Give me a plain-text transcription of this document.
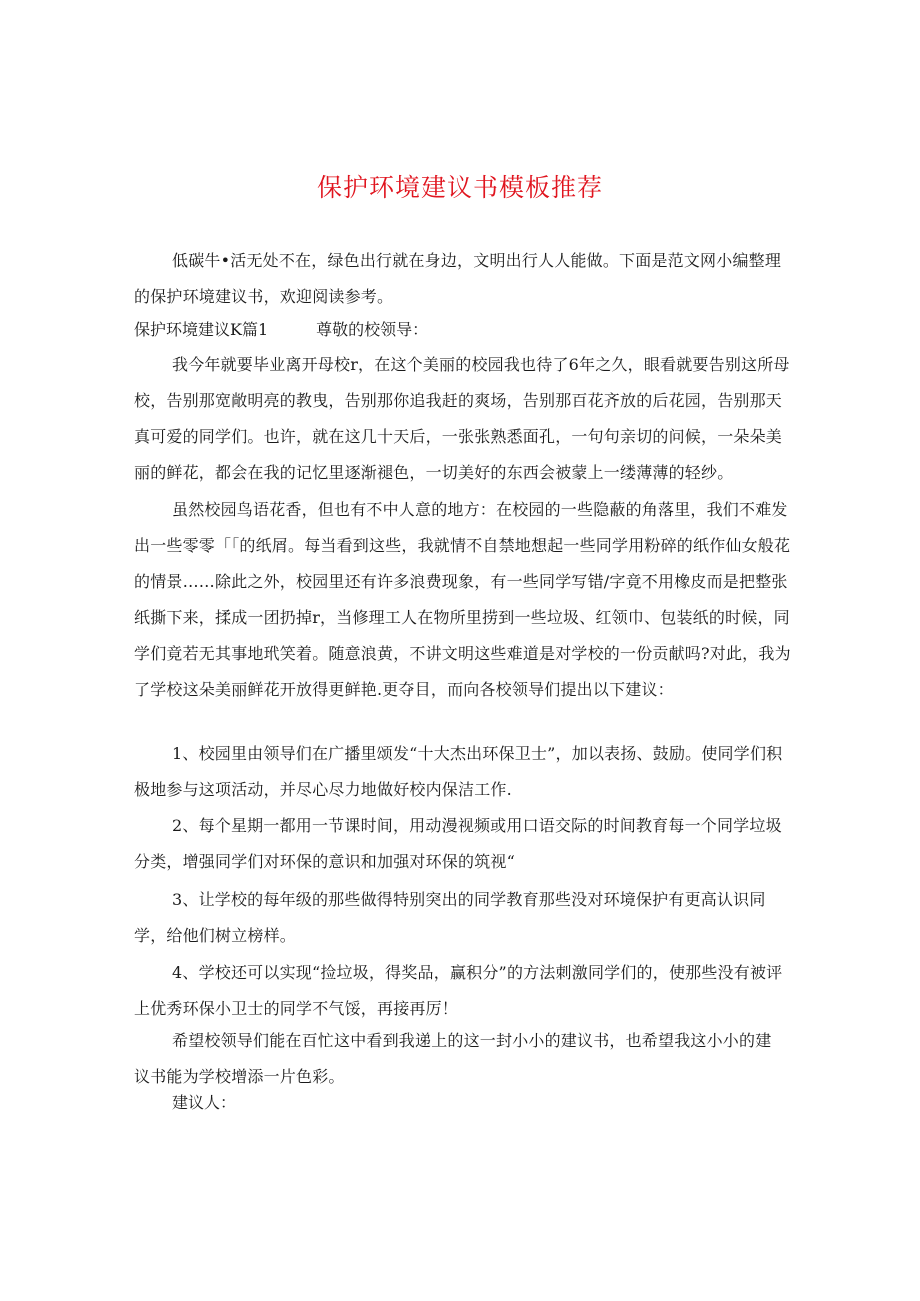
保护环境建议书模板推荐
低碳牛•活无处不在，绿色出行就在身边，文明出行人人能做。下面是范文网小编整理的保护环境建议书，欢迎阅读参考。
保护环境建议K篇1	尊敬的校领导：
我今年就要毕业离开母校r，在这个美丽的校园我也待了6年之久，眼看就要告别这所母校，告别那宽敞明亮的教曳，告别那你追我赶的爽场，告别那百花齐放的后花园，告别那天真可爱的同学们。也许，就在这几十天后，一张张熟悉面孔，一句句亲切的问候，一朵朵美丽的鲜花，都会在我的记忆里逐渐褪色，一切美好的东西会被蒙上一缕薄薄的轻纱。
虽然校园鸟语花香，但也有不中人意的地方：在校园的一些隐蔽的角落里，我们不难发出一些零零「「的纸屑。每当看到这些，我就情不自禁地想起一些同学用粉碎的纸作仙女般花的情景……除此之外，校园里还有许多浪费现象，有一些同学写错/字竟不用橡皮而是把整张纸撕下来，揉成一团扔掉r，当修理工人在物所里捞到一些垃圾、红领巾、包装纸的时候，同学们竟若无其事地玳笑着。随意浪黄，不讲文明这些难道是对学校的一份贡献吗?对此，我为了学校这朵美丽鲜花开放得更鲜艳.更夺目，而向各校领导们提出以下建议：
1、校园里由领导们在广播里颂发“十大杰出环保卫士”，加以表扬、鼓励。使同学们积极地参与这项活动，并尽心尽力地做好校内保洁工作.
2、每个星期一都用一节课时间，用动漫视频或用口语交际的时间教育每一个同学垃圾分类，增强同学们对环保的意识和加强对环保的筑视“
3、让学校的每年级的那些做得特别突出的同学教育那些没对环境保护有更高认识同学，给他们树立榜样。
4、学校还可以实现“捡垃圾，得奖品，赢积分”的方法刺激同学们的，使那些没有被评上优秀环保小卫士的同学不气馁，再接再厉！
希望校领导们能在百忙这中看到我递上的这一封小小的建议书，也希望我这小小的建议书能为学校增添一片色彩。
建议人：
